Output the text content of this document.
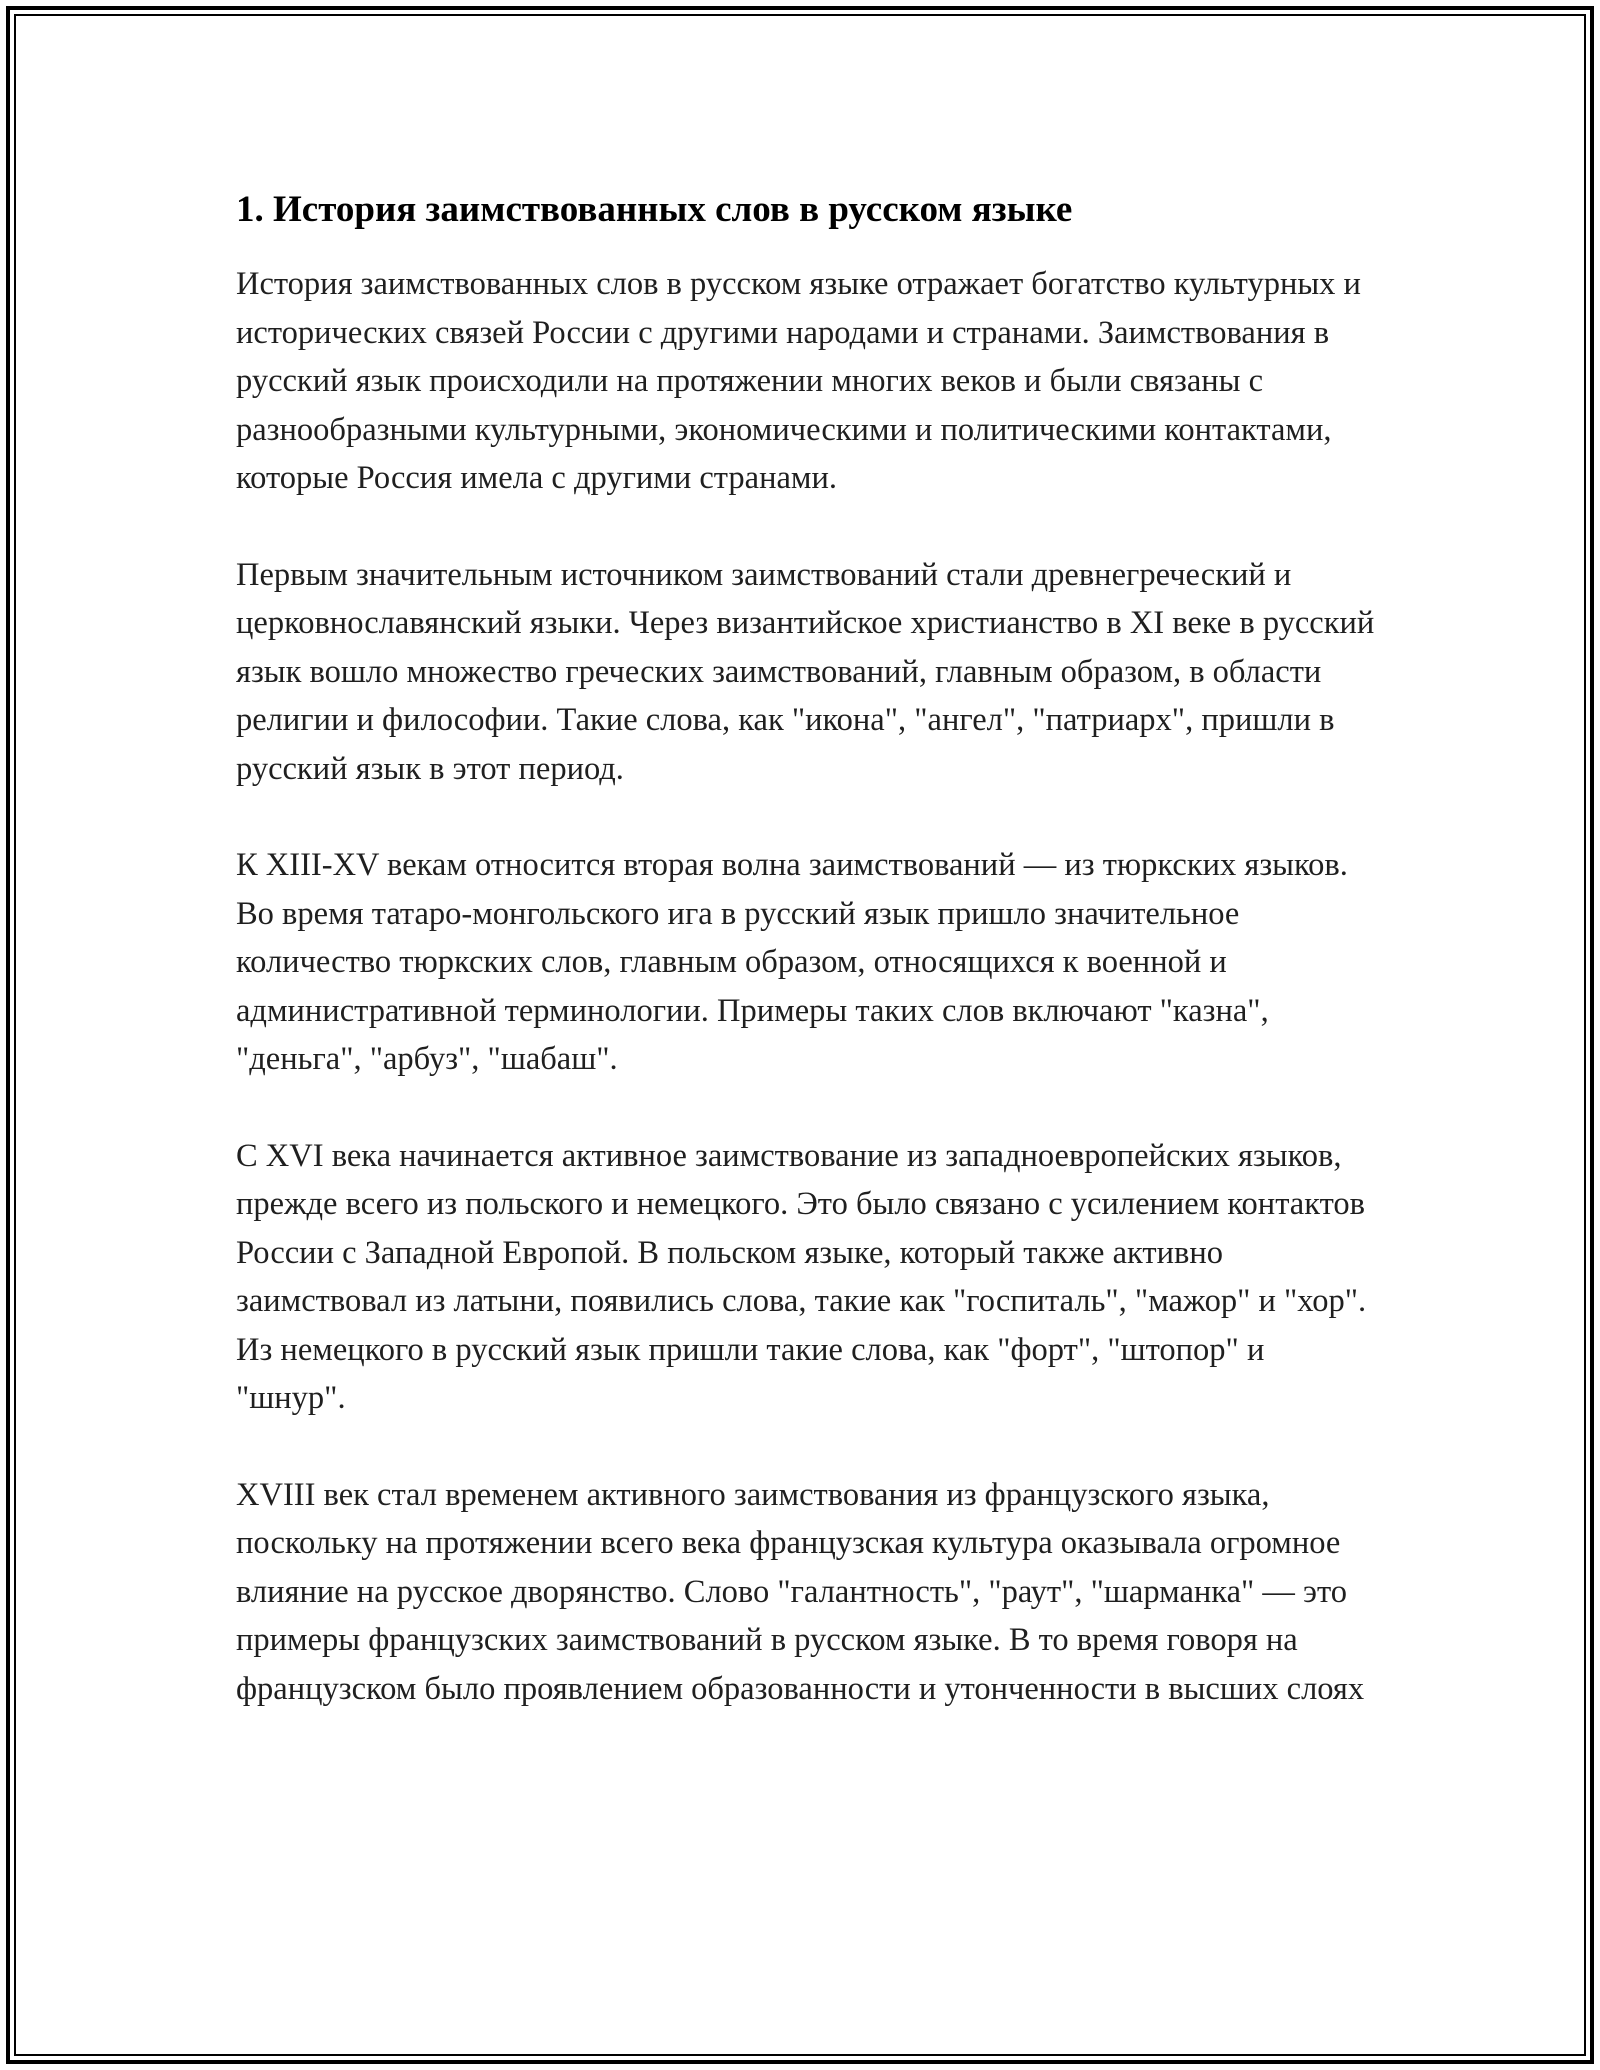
1. История заимствованных слов в русском языке

История заимствованных слов в русском языке отражает богатство культурных и исторических связей России с другими народами и странами. Заимствования в русский язык происходили на протяжении многих веков и были связаны с разнообразными культурными, экономическими и политическими контактами, которые Россия имела с другими странами.

Первым значительным источником заимствований стали древнегреческий и церковнославянский языки. Через византийское христианство в XI веке в русский язык вошло множество греческих заимствований, главным образом, в области религии и философии. Такие слова, как "икона", "ангел", "патриарх", пришли в русский язык в этот период.

К XIII-XV векам относится вторая волна заимствований — из тюркских языков. Во время татаро-монгольского ига в русский язык пришло значительное количество тюркских слов, главным образом, относящихся к военной и административной терминологии. Примеры таких слов включают "казна", "деньга", "арбуз", "шабаш".

С XVI века начинается активное заимствование из западноевропейских языков, прежде всего из польского и немецкого. Это было связано с усилением контактов России с Западной Европой. В польском языке, который также активно заимствовал из латыни, появились слова, такие как "госпиталь", "мажор" и "хор". Из немецкого в русский язык пришли такие слова, как "форт", "штопор" и "шнур".

XVIII век стал временем активного заимствования из французского языка, поскольку на протяжении всего века французская культура оказывала огромное влияние на русское дворянство. Слово "галантность", "раут", "шарманка" — это примеры французских заимствований в русском языке. В то время говоря на французском было проявлением образованности и утонченности в высших слоях
